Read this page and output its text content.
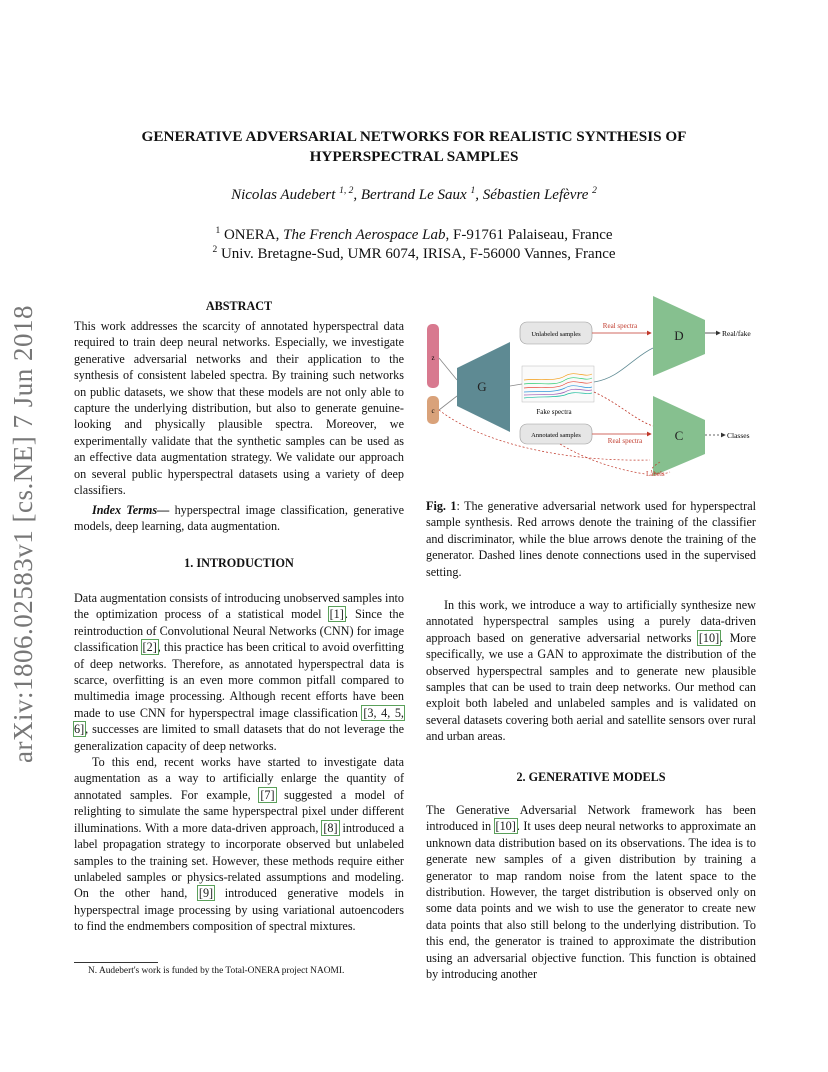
arXiv:1806.02583v1 [cs.NE] 7 Jun 2018
GENERATIVE ADVERSARIAL NETWORKS FOR REALISTIC SYNTHESIS OF
HYPERSPECTRAL SAMPLES
Nicolas Audebert $^{1, 2}$, Bertrand Le Saux $^1$, Sébastien Lefèvre $^2$
$^1$ ONERA, The French Aerospace Lab, F-91761 Palaiseau, France
$^2$ Univ. Bretagne-Sud, UMR 6074, IRISA, F-56000 Vannes, France
ABSTRACT

This work addresses the scarcity of annotated hyperspectral data required to train deep neural networks. Especially, we investigate generative adversarial networks and their application to the synthesis of consistent labeled spectra. By training such networks on public datasets, we show that these models are not only able to capture the underlying distribution, but also to generate genuine-looking and physically plausible spectra. Moreover, we experimentally validate that the synthetic samples can be used as an effective data augmentation strategy. We validate our approach on several public hyperspectral datasets using a variety of deep classifiers.

Index Terms— hyperspectral image classification, generative models, deep learning, data augmentation.

1. INTRODUCTION

Data augmentation consists of introducing unobserved samples into the optimization process of a statistical model [1]. Since the reintroduction of Convolutional Neural Networks (CNN) for image classification [2], this practice has been critical to avoid overfitting of deep networks. Therefore, as annotated hyperspectral data is scarce, overfitting is an even more common pitfall compared to multimedia image processing. Although recent efforts have been made to use CNN for hyperspectral image classification [3, 4, 5, 6], successes are limited to small datasets that do not leverage the generalization capacity of deep networks.

To this end, recent works have started to investigate data augmentation as a way to artificially enlarge the quantity of annotated samples. For example, [7] suggested a model of relighting to simulate the same hyperspectral pixel under different illuminations. With a more data-driven approach, [8] introduced a label propagation strategy to incorporate observed but unlabeled samples to the training set. However, these methods require either unlabeled samples or physics-related assumptions and modeling. On the other hand, [9] introduced generative models in hyperspectral image processing by using variational autoencoders to find the endmembers composition of spectral mixtures.

N. Audebert's work is funded by the Total-ONERA project NAOMI.
z
c
G
Unlabeled samples
Fake spectra
Annotated samples
D
C
Real spectra
Real spectra
Real/fake
Classes
Labels

Fig. 1: The generative adversarial network used for hyperspectral sample synthesis. Red arrows denote the training of the classifier and discriminator, while the blue arrows denote the training of the generator. Dashed lines denote connections used in the supervised setting.

In this work, we introduce a way to artificially synthesize new annotated hyperspectral samples using a purely data-driven approach based on generative adversarial networks [10]. More specifically, we use a GAN to approximate the distribution of the observed hyperspectral samples and to generate new plausible samples that can be used to train deep networks. Our method can exploit both labeled and unlabeled samples and is validated on several datasets covering both aerial and satellite sensors over rural and urban areas.

2. GENERATIVE MODELS

The Generative Adversarial Network framework has been introduced in [10]. It uses deep neural networks to approximate an unknown data distribution based on its observations. The idea is to generate new samples of a given distribution by training a generator to map random noise from the latent space to the distribution. However, the target distribution is observed only on some data points and we wish to use the generator to create new data points that also still belong to the underlying distribution. To this end, the generator is trained to approximate the distribution using an adversarial objective function. This function is obtained by introducing another
